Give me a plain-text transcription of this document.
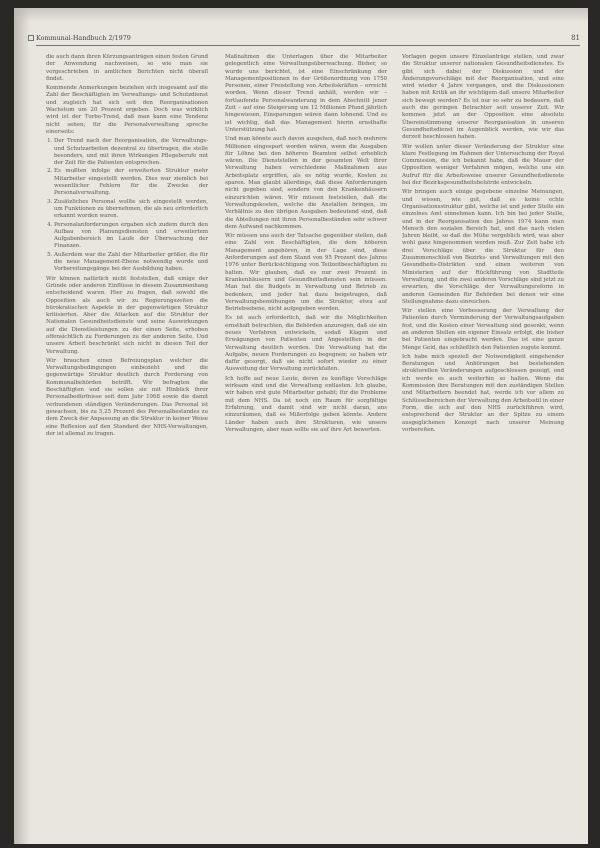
Kommunal-Handbuch 2/1979	81

die auch dann ihren Kürzungsanträgen einen festen Grund der Anwendung nachweisen, so wie man sie vorgeschrieben in amtlichen Berichten nicht überall findet.

Kommende Anmerkungen beziehen sich insgesamt auf die Zahl der Beschäftigten im Verwaltungs- und Schutzdienst und zugleich hat sich seit den Reorganisationen Wachstum um 20 Prozent ergeben. Doch was wirklich wird ist der Turbo-Trend, daß man kann eine Tendenz nicht sehen; für die Personalverwaltung spreche einerseits:

1. Der Trend nach der Reorganisation, die Verwaltungs- und Schutzarbeiten dezentral zu übertragen, die stelle besonders, und mit ihren Wirkungen Pflegeberufe mit der Zeit für die Patienten entsprechen.
2. Es mußten infolge der erweiterten Struktur mehr Mitarbeiter eingestellt werden. Dies war ziemlich bei wesentlicher Fehlern für die Zwecke der Personalverwaltung.
3. Zusätzliches Personal wollte sich eingestellt werden, um Funktionen zu übernehmen, die als neu erforderlich erkannt worden waren.
4. Personalanforderungen ergaben sich zudem durch den Aufbau von Planungsdiensten und erweitertem Aufgabenbereich im Laufe der Überwachung der Finanzen.
5. Außerdem war die Zahl der Mitarbeiter größer, die für die neue Management-Ebene notwendig wurde und Vorbereitungsgänge bei der Ausbildung haben.

Wir können natürlich nicht feststellen, daß einige der Gründe oder anderen Einflüsse in diesem Zusammenhang entscheidend waren. Hier zu fragen, daß sowohl die Opposition als auch wir zu Regierungszeiten die bürokratischen Aspekte in der gegenwärtigen Struktur kritisierten. Aber die Attacken auf die Struktur der Nationalen Gesundheitsdienste und seine Auswirkungen auf die Dienstleistungen zu der einen Seite, erhoben offensichtlich zu Forderungen zu der anderen Seite. Und unsere Arbeit beschränkt sich nicht in diesen Teil der Verwaltung.

Wir brauchen einen Befreiungsplan welcher die Verwaltungsbedingungen einbezieht und die gegenwärtige Struktur deutlich durch Forderung von Kommunalbehörden betrifft. Wir befragten die Beschäftigten und sie sollen sie mit Hinblick ihrer Personalbedürfnisse seit dem Jahr 1968 sowie die damit verbundenen ständigen Veränderungen. Das Personal ist gewachsen, bis zu 5,25 Prozent des Personalbestandes zu dem Zweck der Anpassung an die Struktur in keiner Weise eine Reflexion auf den Standard der NHS-Verwaltungen, der ist allemal zu tragen.

Maßnahmen die Unterlagen über die Mitarbeiter gelegentlich eine Verwaltungsüberwachung. Bisher, so wurde uns berichtet, ist eine Einschränkung der Managementpositionen in der Größenordnung von 1750 Personen, einer Freistellung von Arbeitskräften – erreicht worden. Wenn dieser Trend anhält, werden wir – fortlaufende Personalwanderung in dem Abschnitt jener Zeit – auf eine Steigerung um 12 Millionen Pfund jährlich hingewiesen, Einsparungen wären dann lohnend. Und es ist wichtig, daß das Management hierin ernsthafte Unterstützung hat.

Und man könnte auch davon ausgehen, daß noch mehrere Millionen eingespart worden wären, wenn die Ausgaben für Löhne bei den höheren Beamten selbst erheblich wären. Die Dienststellen in der gesamten Welt ihrer Verwaltung haben verschiedene Maßnahmen aus Arbeitsplatz ergriffen, als es nötig wurde, Kosten zu sparen. Man glaubt allerdings, daß diese Anforderungen nicht gegeben sind, sondern von den Krankenhäusern einzurichten wären. Wir müssen feststellen, daß die Verwaltungskosten, welche die Anstalten bringen, im Verhältnis zu den übrigen Ausgaben bedeutend sind, daß die Abteilungen mit ihren Personalbeständen sehr schwer dem Aufwand nachkommen.

Wir müssen uns auch der Tatsache gegenüber stellen, daß eine Zahl von Beschäftigten, die dem höheren Management angehören, in der Lage sind, diese Anforderungen auf dem Stand von 95 Prozent des Jahres 1976 unter Berücksichtigung von Teilzeitbeschäftigten zu halten. Wir glauben, daß es nur zwei Prozent in Krankenhäusern und Gesundheitsdiensten sein müssen. Man hat die Budgets in Verwaltung und Betrieb zu bedenken, und jeder hat dazu beigetragen, daß Verwaltungsbemühungen um die Struktur, etwa auf Betriebsebene, nicht aufgegeben werden.

Es ist auch erforderlich, daß wir die Möglichkeiten ernsthaft betrachten, die Behörden anzuregen, daß sie ein neues Verfahren entwickeln, sodaß Klagen und Erwägungen von Patienten und Angestellten in der Verwaltung deutlich werden. Die Verwaltung hat die Aufgabe, neuen Forderungen zu begegnen; so haben wir dafür gesorgt, daß sie nicht sofort wieder zu einer Ausweitung der Verwaltung zurückfallen.

Ich hoffe auf neue Leute, deren zu kunftige Vorschläge wirksam sind und die Verwaltung entlasten. Ich glaube, wir haben erst gute Mitarbeiter gehabt; für die Probleme mit dem NHS. Da ist noch ein Raum für sorgfältige Erfahrung, und damit sind wir nicht daran, uns einzuräumen, daß es Mißerfolge geben könnte. Andere Länder haben auch ihre Strukturen, wie unsere Verwaltungen, aber man sollte sie auf ihre Art bewerten.

Vorlagen gegen unsere Einzelanträge stellen, und zwar die Struktur unserer nationalen Gesundheitsdienstes. Es gibt sich dabei der Diskussion und der Änderungsvorschläge mit der Reorganisation, und eine wird wieder 4 Jahre vergangen, und die Diskussionen haben mit Kritik an ihr wichtigem daß unsere Mitarbeiter sich bewegt werden? Es ist nur so sehr zu bedauern, daß auch die geringen Betrachter seit unserer Zeit. Wir kommen jetzt an der Opposition eine absolute Übereinstimmung unserer Reorganisation in unseren Gesundheitsdienst im Augenblick werden, wie wir das derzeit beschlossen haben.

Wir wollen unter dieser Veränderung der Struktur eine klare Festlegung im Rahmen der Untersuchung der Royal Commission, die ich bekannt habe, daß die Mauer der Opposition weniger Verfahren mögen, welche uns ein Aufruf für die Arbeitsweise unserer Gesundheitsdienste bei der Bezirksgesundheitsbehörde entwickeln.

Wir bringen auch einige gegebene einzelne Meinungen, und wissen, wie gut, daß es keine echte Organisationsstruktur gibt, welche ist und jeder Stelle ein einzelnes Amt einnehmen kann. Ich bin bei jeder Stelle, und in der Reorganisation des Jahres 1974 kann man Mensch den sozialen Bereich hat, und das nach vielen Jahren bleibt, so daß die Mühe vergeblich wird, was aber wohl ganz hingenommen werden muß. Zur Zeit habe ich drei Vorschläge über die Struktur für den Zusammenschluß von Bezirks- und Verwaltungen mit den Gesundheits-Distrikten und einen weiteren von Ministerien auf der Rückführung von Stadtteile Verwaltung, und die zwei anderen Vorschläge sind jetzt zu erwarten, die Vorschläge der Verwaltungsreform in anderen Gemeinden für Behörden bei denen wir eine Stellungnahme dazu einreichen.

Wir stellen eine Verbesserung der Verwaltung der Patienten durch Verminderung der Verwaltungsaufgaben fest, und die Kosten einer Verwaltung sind gesenkt, wenn an anderen Stellen ein eigener Einsatz erfolgt, die bisher bei Patienten eingebracht werden. Das ist eine ganze Menge Geld, das schließlich den Patienten zugute kommt.

Ich habe mich speziell der Notwendigkeit eingehender Beratungen und Anhörungen bei bestehenden strukturellen Veränderungen aufgeschlossen gezeigt, und ich werde es auch weiterhin so halten. Wenn die Kommission ihre Beratungen mit den zuständigen Stellen und Mitarbeitern beendet hat, werde ich vor allem zu Schlüsselbereichen der Verwaltung den Arbeitsstil in einer Form, die sich auf den NHS zurückführen wird, entsprechend der Struktur an der Spitze zu einem ausgeglichenen Konzept nach unserer Meinung vorbereiten.
